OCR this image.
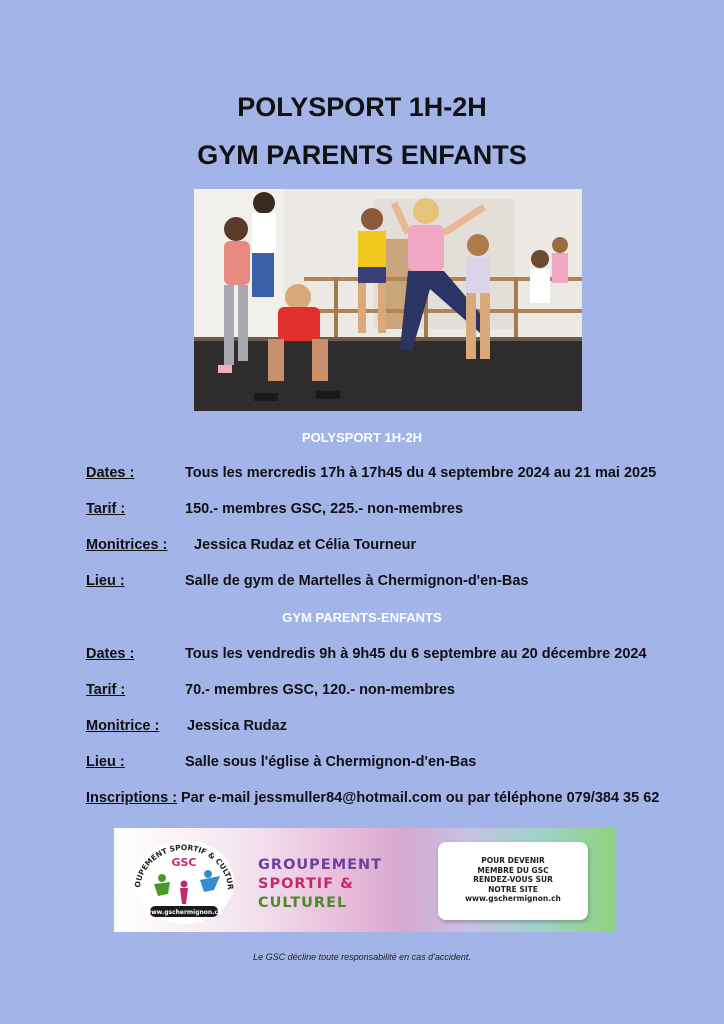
POLYSPORT 1H-2H
GYM PARENTS ENFANTS
POLYSPORT 1H-2H
Dates :	Tous les mercredis 17h à 17h45 du 4 septembre 2024 au 21 mai 2025
Tarif :	150.- membres GSC, 225.- non-membres
Monitrices : Jessica Rudaz et Célia Tourneur
Lieu :	Salle de gym de Martelles à Chermignon-d'en-Bas
GYM PARENTS-ENFANTS
Dates :	Tous les vendredis 9h à 9h45 du 6 septembre au 20 décembre 2024
Tarif :	70.- membres GSC, 120.- non-membres
Monitrice : Jessica Rudaz
Lieu :	Salle sous l'église à Chermignon-d'en-Bas
Inscriptions : Par e-mail jessmuller84@hotmail.com ou par téléphone 079/384 35 62
OUPEMENT SPORTIF & CULTUR
GSC
www.gschermignon.ch
GROUPEMENT
SPORTIF &
CULTUREL
POUR DEVENIR
MEMBRE DU GSC
RENDEZ-VOUS SUR
NOTRE SITE
www.gschermignon.ch
Le GSC décline toute responsabilité en cas d'accident.
